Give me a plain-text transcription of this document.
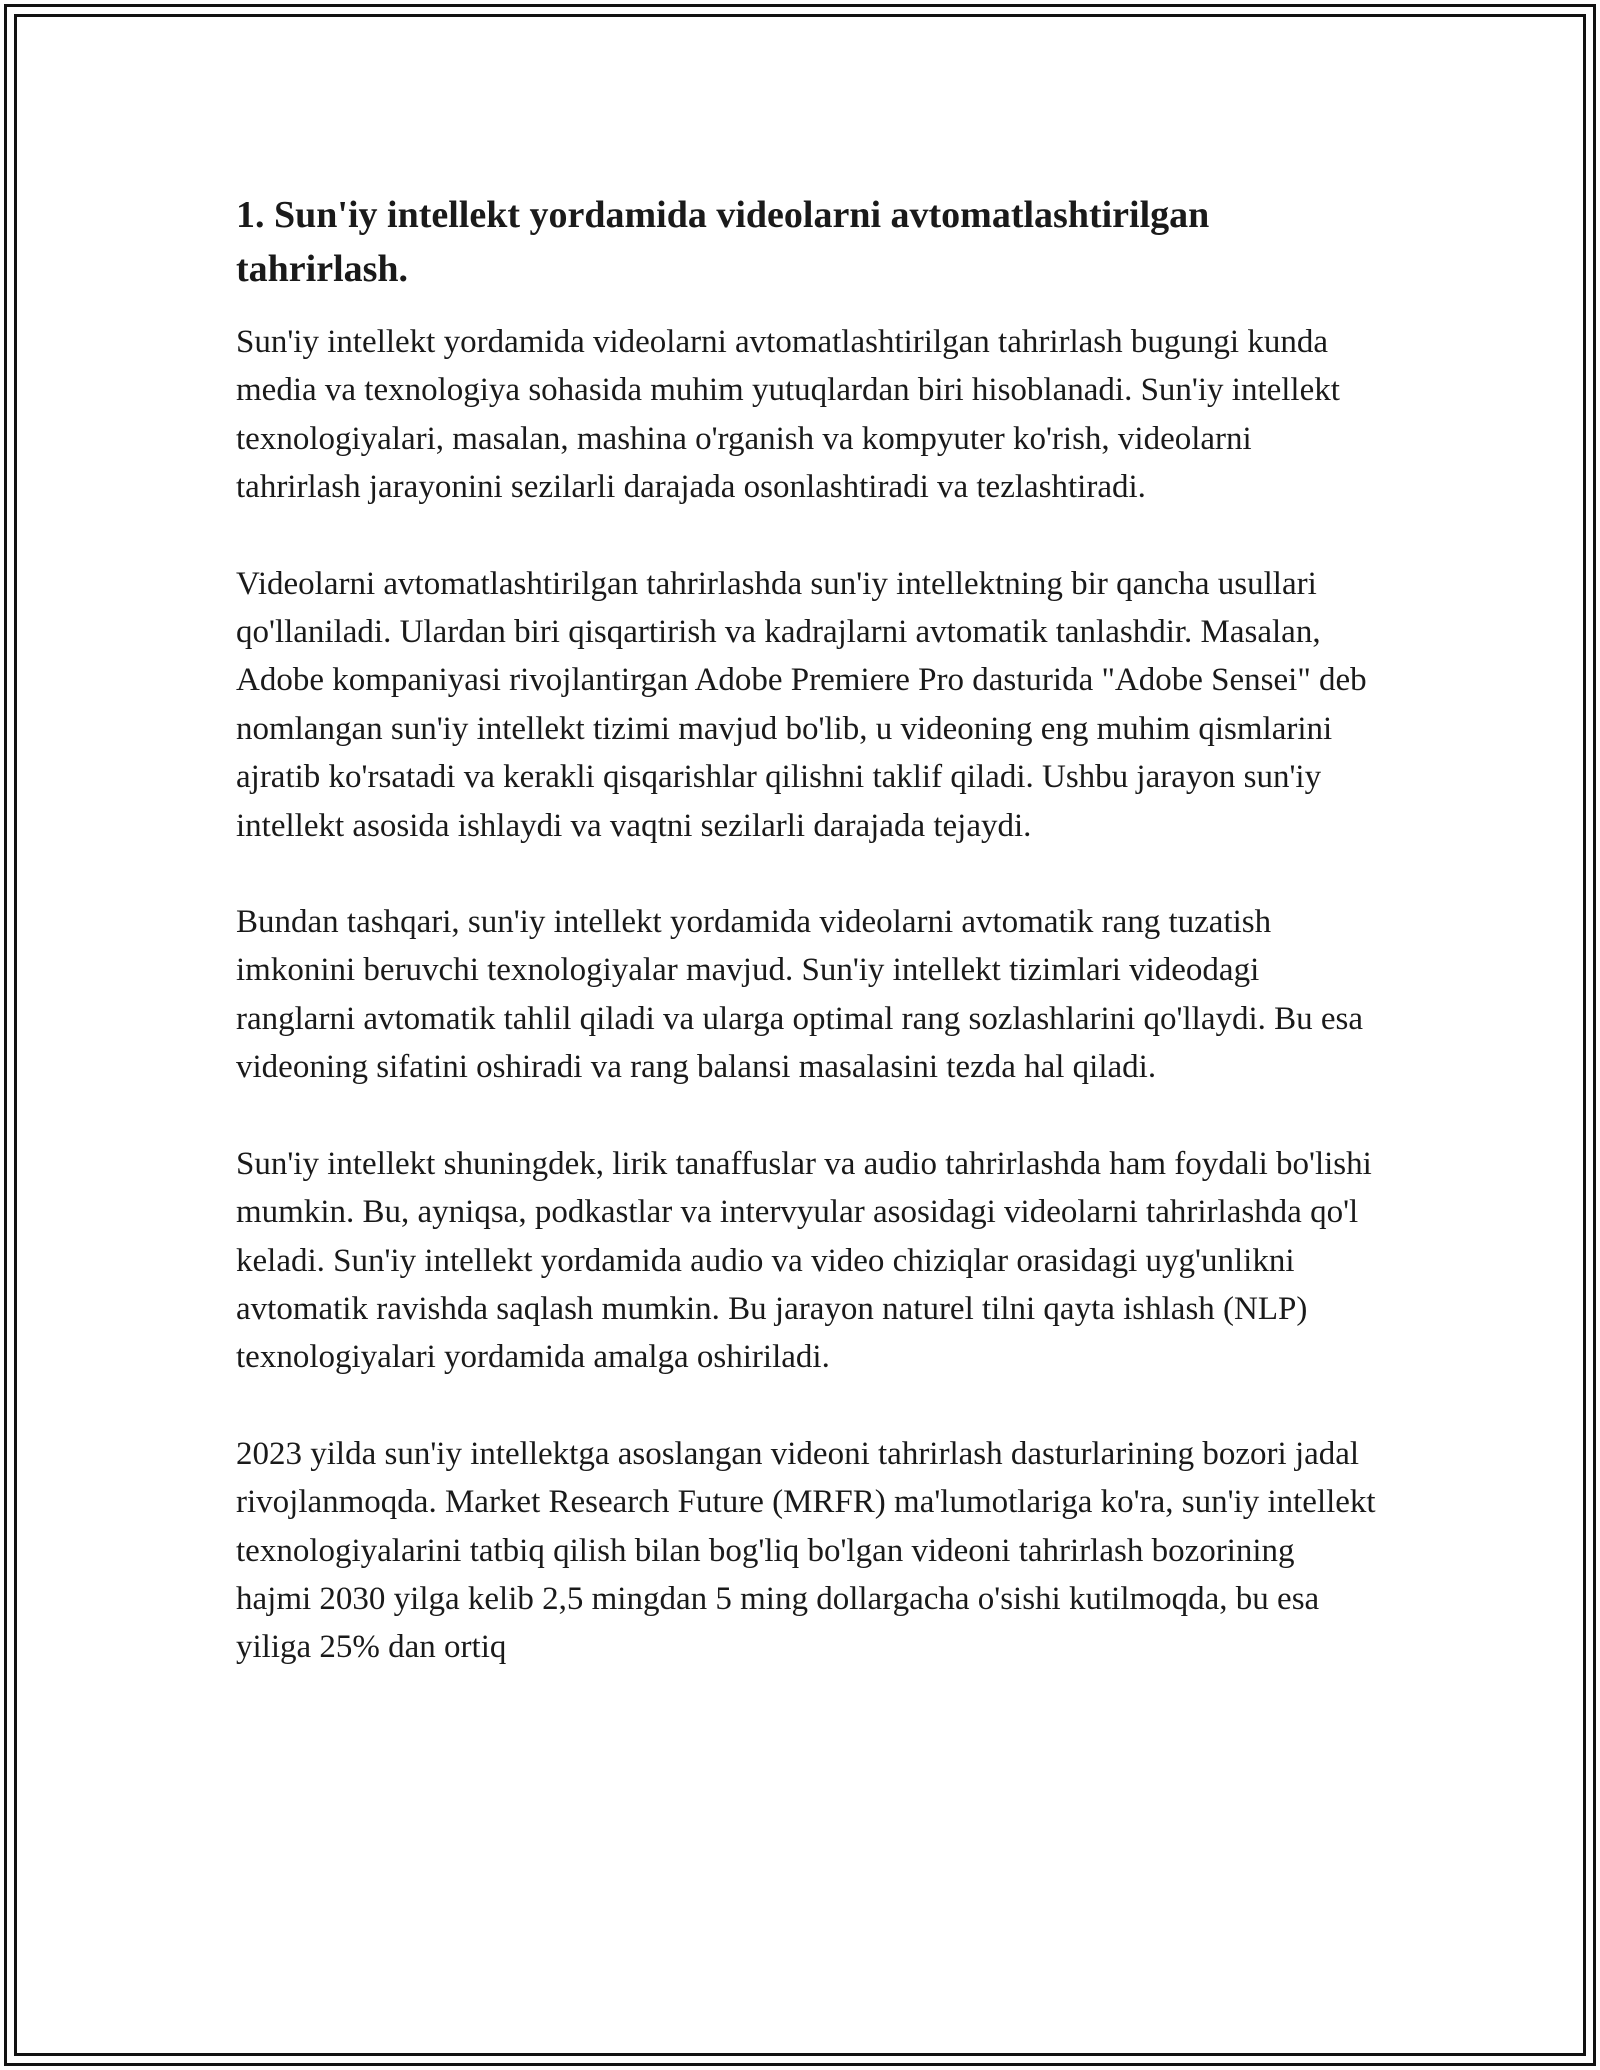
1. Sun'iy intellekt yordamida videolarni avtomatlashtirilgan tahrirlash.

Sun'iy intellekt yordamida videolarni avtomatlashtirilgan tahrirlash bugungi kunda media va texnologiya sohasida muhim yutuqlardan biri hisoblanadi. Sun'iy intellekt texnologiyalari, masalan, mashina o'rganish va kompyuter ko'rish, videolarni tahrirlash jarayonini sezilarli darajada osonlashtiradi va tezlashtiradi.

Videolarni avtomatlashtirilgan tahrirlashda sun'iy intellektning bir qancha usullari qo'llaniladi. Ulardan biri qisqartirish va kadrajlarni avtomatik tanlashdir. Masalan, Adobe kompaniyasi rivojlantirgan Adobe Premiere Pro dasturida "Adobe Sensei" deb nomlangan sun'iy intellekt tizimi mavjud bo'lib, u videoning eng muhim qismlarini ajratib ko'rsatadi va kerakli qisqarishlar qilishni taklif qiladi. Ushbu jarayon sun'iy intellekt asosida ishlaydi va vaqtni sezilarli darajada tejaydi.

Bundan tashqari, sun'iy intellekt yordamida videolarni avtomatik rang tuzatish imkonini beruvchi texnologiyalar mavjud. Sun'iy intellekt tizimlari videodagi ranglarni avtomatik tahlil qiladi va ularga optimal rang sozlashlarini qo'llaydi. Bu esa videoning sifatini oshiradi va rang balansi masalasini tezda hal qiladi.

Sun'iy intellekt shuningdek, lirik tanaffuslar va audio tahrirlashda ham foydali bo'lishi mumkin. Bu, ayniqsa, podkastlar va intervyular asosidagi videolarni tahrirlashda qo'l keladi. Sun'iy intellekt yordamida audio va video chiziqlar orasidagi uyg'unlikni avtomatik ravishda saqlash mumkin. Bu jarayon naturel tilni qayta ishlash (NLP) texnologiyalari yordamida amalga oshiriladi.

2023 yilda sun'iy intellektga asoslangan videoni tahrirlash dasturlarining bozori jadal rivojlanmoqda. Market Research Future (MRFR) ma'lumotlariga ko'ra, sun'iy intellekt texnologiyalarini tatbiq qilish bilan bog'liq bo'lgan videoni tahrirlash bozorining hajmi 2030 yilga kelib 2,5 mingdan 5 ming dollargacha o'sishi kutilmoqda, bu esa yiliga 25% dan ortiq
